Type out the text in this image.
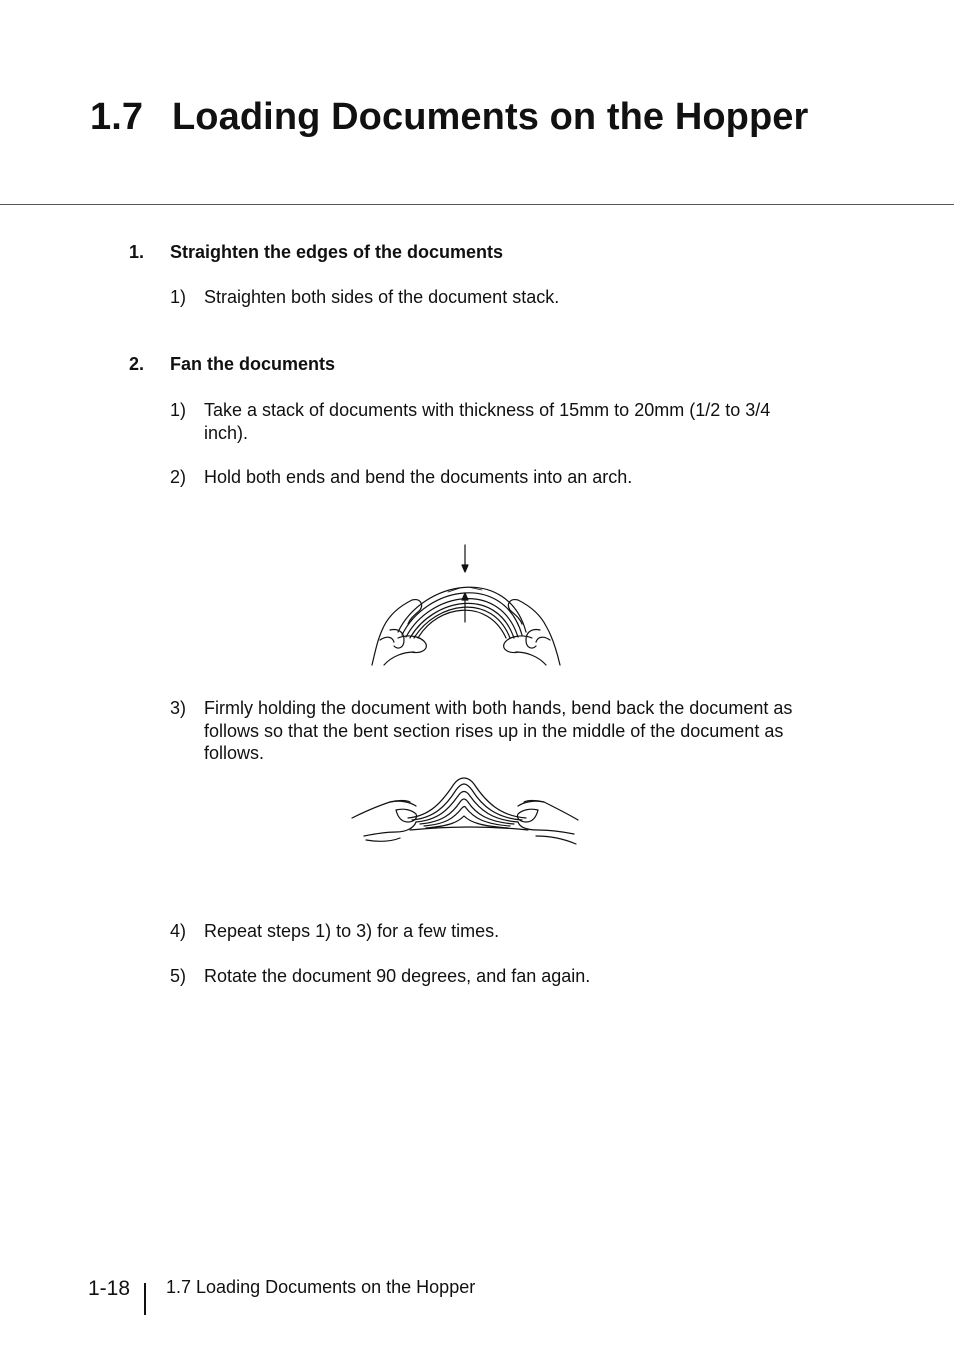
1.7 Loading Documents on the Hopper
1. Straighten the edges of the documents
1) Straighten both sides of the document stack.
2. Fan the documents
1) Take a stack of documents with thickness of 15mm to 20mm (1/2 to 3/4 inch).
2) Hold both ends and bend the documents into an arch.
3) Firmly holding the document with both hands, bend back the document as follows so that the bent section rises up in the middle of the document as follows.
4) Repeat steps 1) to 3) for a few times.
5) Rotate the document 90 degrees, and fan again.
1-18 1.7 Loading Documents on the Hopper
